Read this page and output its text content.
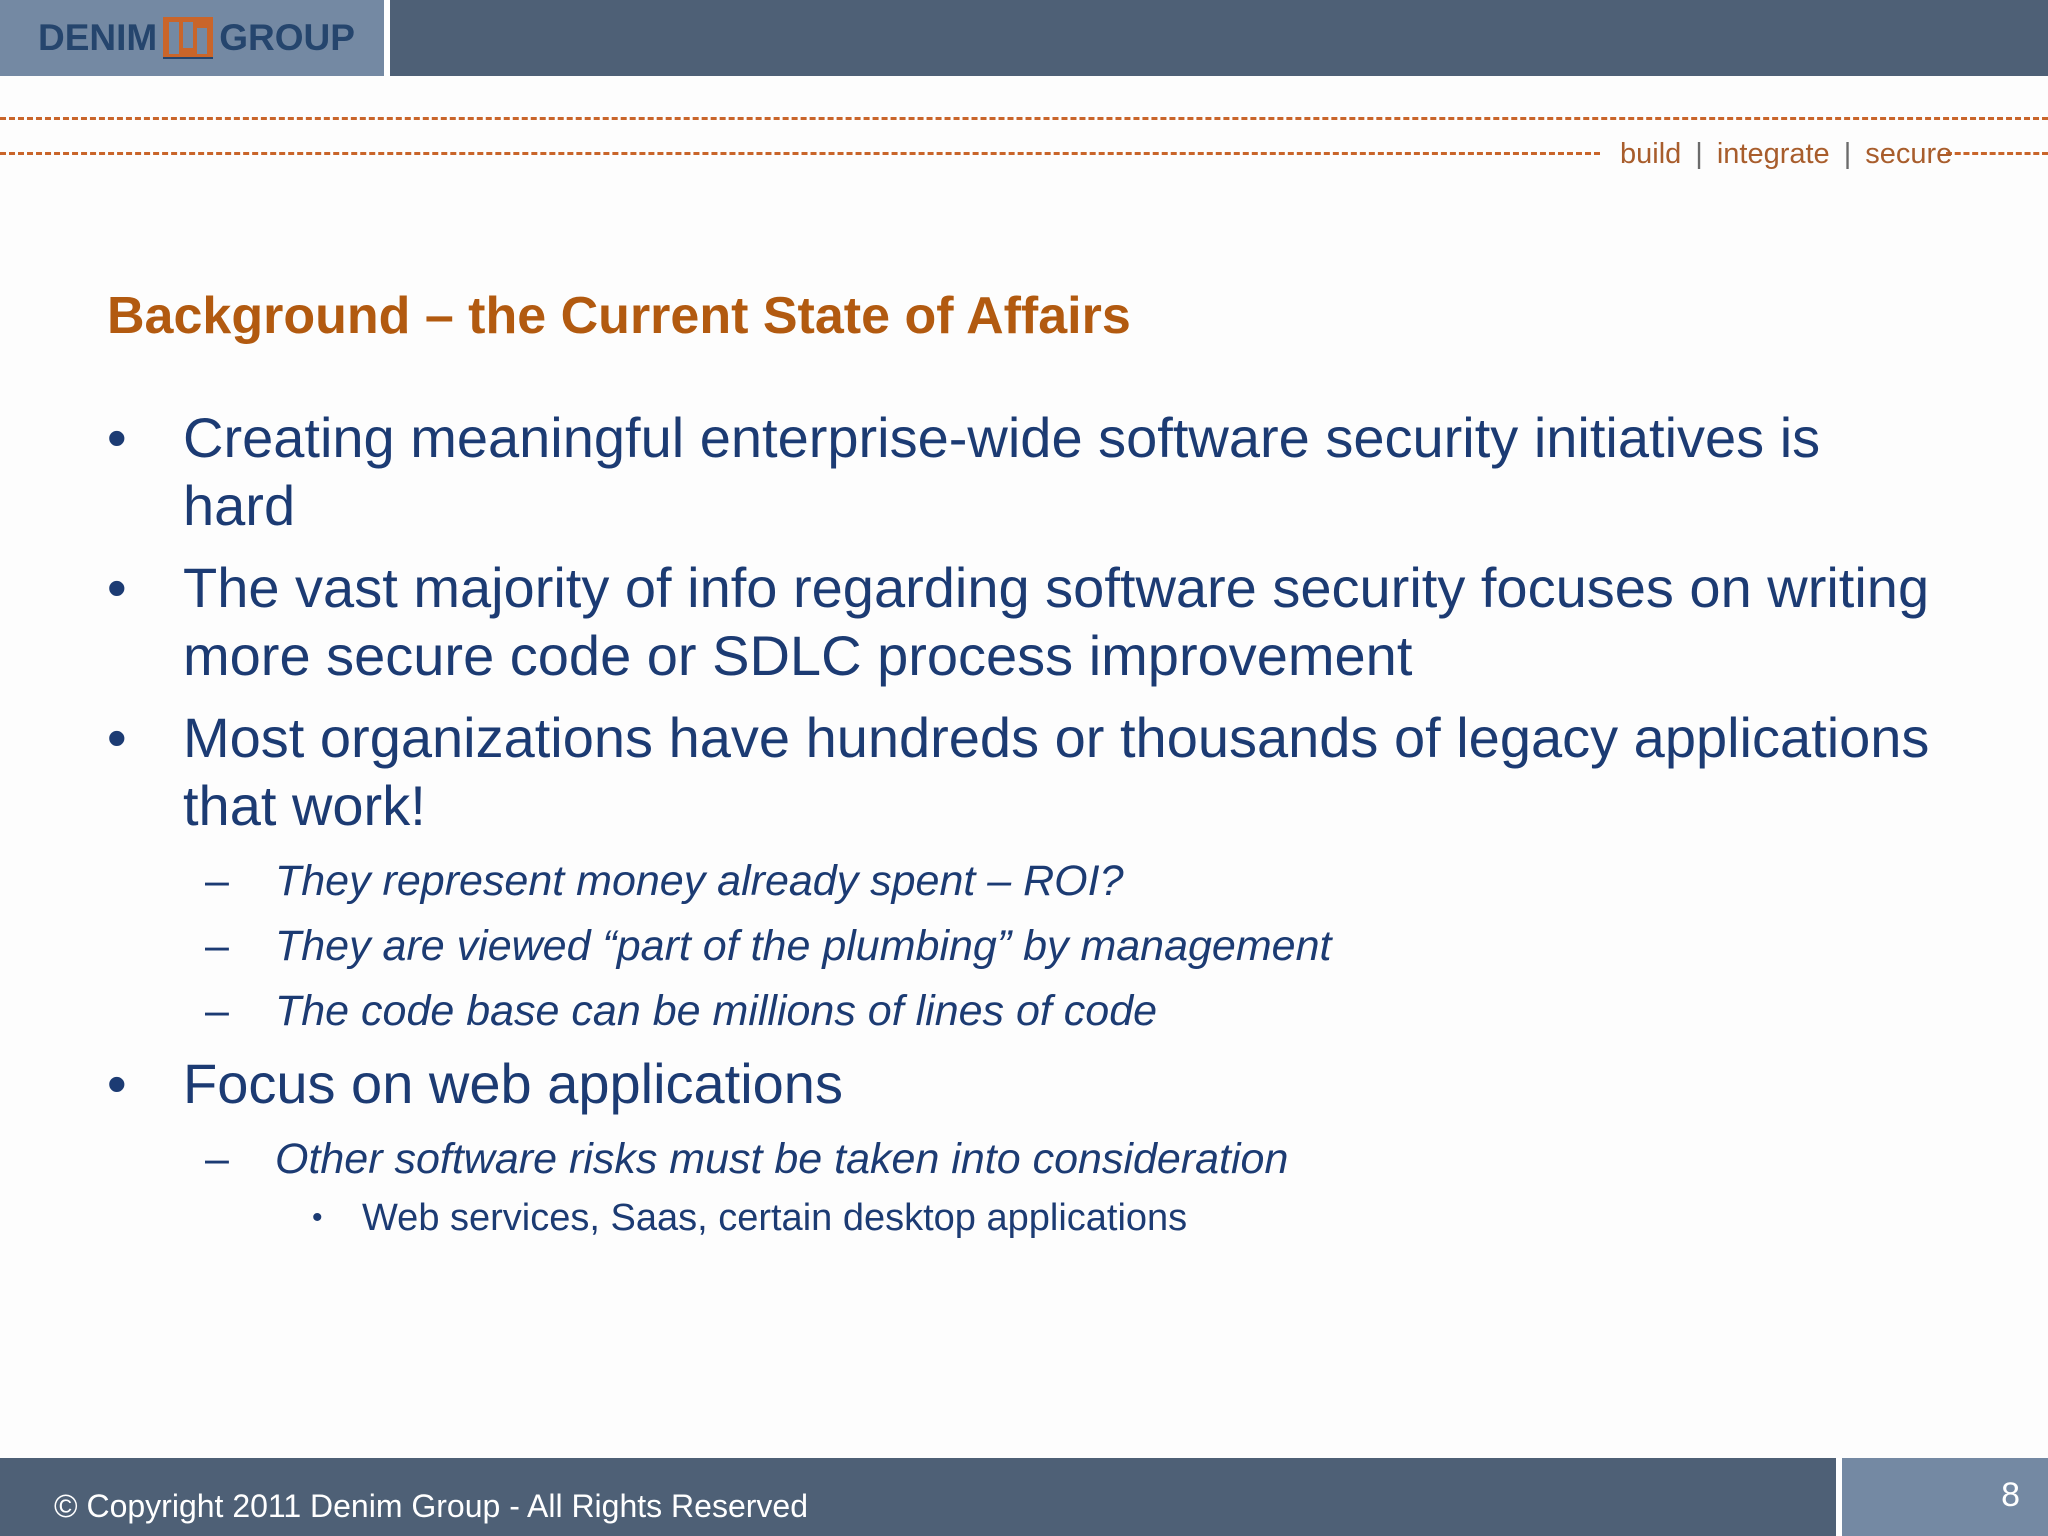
DENIM GROUP
build | integrate | secure
Background – the Current State of Affairs
•	Creating meaningful enterprise-wide software security initiatives is
hard
•	The vast majority of info regarding software security focuses on writing
more secure code or SDLC process improvement
•	Most organizations have hundreds or thousands of legacy applications
that work!
– They represent money already spent – ROI?
– They are viewed “part of the plumbing” by management
– The code base can be millions of lines of code
•	Focus on web applications
– Other software risks must be taken into consideration
• Web services, Saas, certain desktop applications
© Copyright 2011 Denim Group - All Rights Reserved	8
